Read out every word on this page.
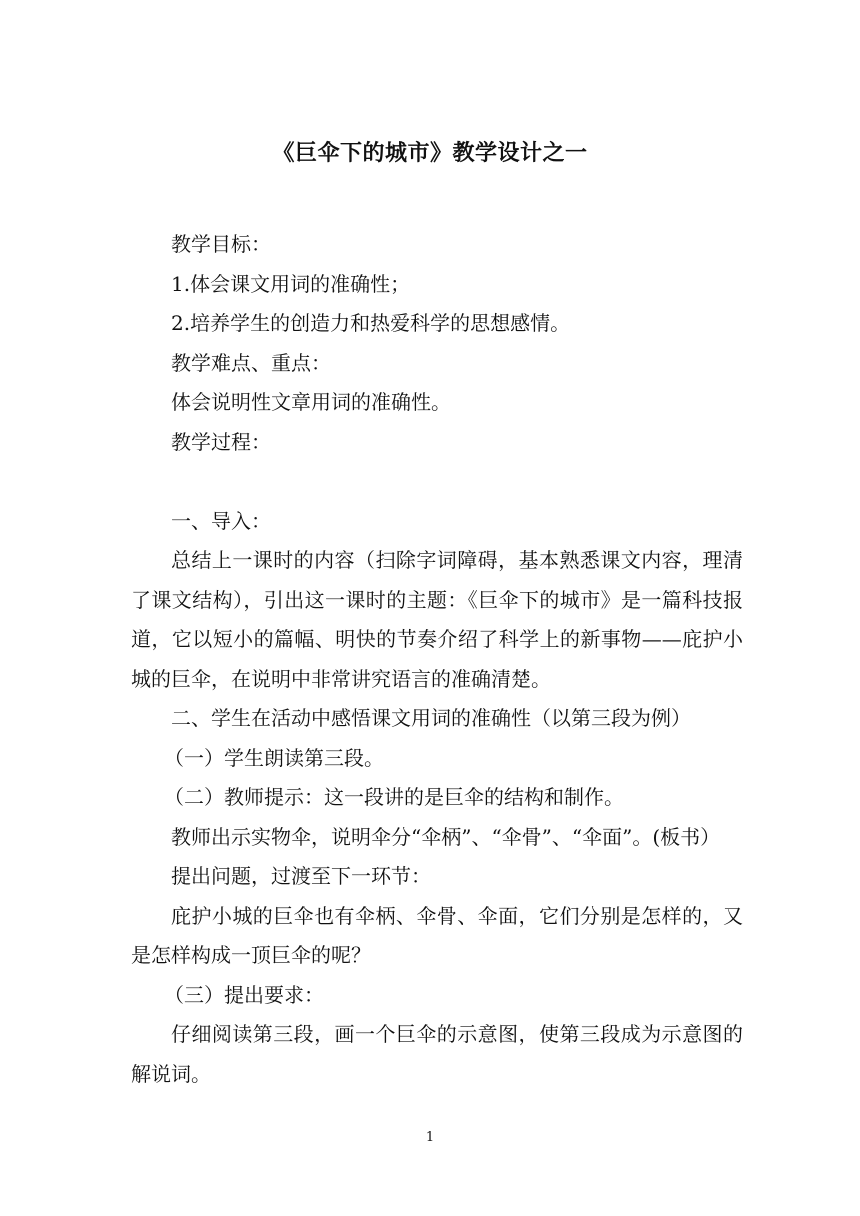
《巨伞下的城市》教学设计之一

教学目标：

1.体会课文用词的准确性；

2.培养学生的创造力和热爱科学的思想感情。

教学难点、重点：

体会说明性文章用词的准确性。

教学过程：

一、导入：

总结上一课时的内容（扫除字词障碍，基本熟悉课文内容，理清了课文结构），引出这一课时的主题：《巨伞下的城市》是一篇科技报道，它以短小的篇幅、明快的节奏介绍了科学上的新事物——庇护小城的巨伞，在说明中非常讲究语言的准确清楚。

二、学生在活动中感悟课文用词的准确性（以第三段为例）

（一）学生朗读第三段。

（二）教师提示：这一段讲的是巨伞的结构和制作。

教师出示实物伞，说明伞分“伞柄”、“伞骨”、“伞面”。(板书）

提出问题，过渡至下一环节：

庇护小城的巨伞也有伞柄、伞骨、伞面，它们分别是怎样的，又是怎样构成一顶巨伞的呢？

（三）提出要求：

仔细阅读第三段，画一个巨伞的示意图，使第三段成为示意图的解说词。

1
